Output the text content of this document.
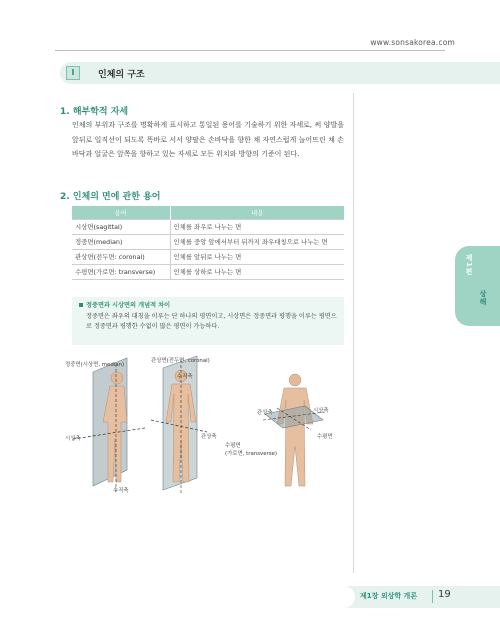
www.sonsakorea.com
I	인체의 구조
1. 해부학적 자세
인체의 부위과 구조를 명확하게 표시하고 통일된 용어를 기술하기 위한 자세로, 써 양발을 앞뒤로 일직선이 되도록 똑바로 서서 양팔은 손바닥을 향한 채 자연스럽게 늘어뜨린 채 손바닥과 얼굴은 앞쪽을 향하고 있는 자세로 모든 위치와 방향의 기준이 된다.
2. 인체의 면에 관한 용어
용어	내용
시상면(sagittal)	인체를 좌우로 나누는 면
정중면(median)	인체를 중앙 앞에서부터 뒤까지 좌우대칭으로 나누는 면
관상면(전두면: coronal)	인체를 앞뒤로 나누는 면
수평면(가로면: transverse)	인체를 상하로 나누는 면
정중면과 시상면의 개념적 차이
정중면은 좌우의 대칭을 이루는 단 하나의 평면이고, 시상면은 정중면과 평행을 이루는 평면으로 정중면과 평행한 수없이 많은 평면이 가능하다.
정중면(시상면, median)
관상면(전두면, coronal)
수직축
시상축
수직축
관상축
관상축	시상축
수평면
수평면
(가로면, transverse)
제1편
상해
제1장 외상학 개론 19
